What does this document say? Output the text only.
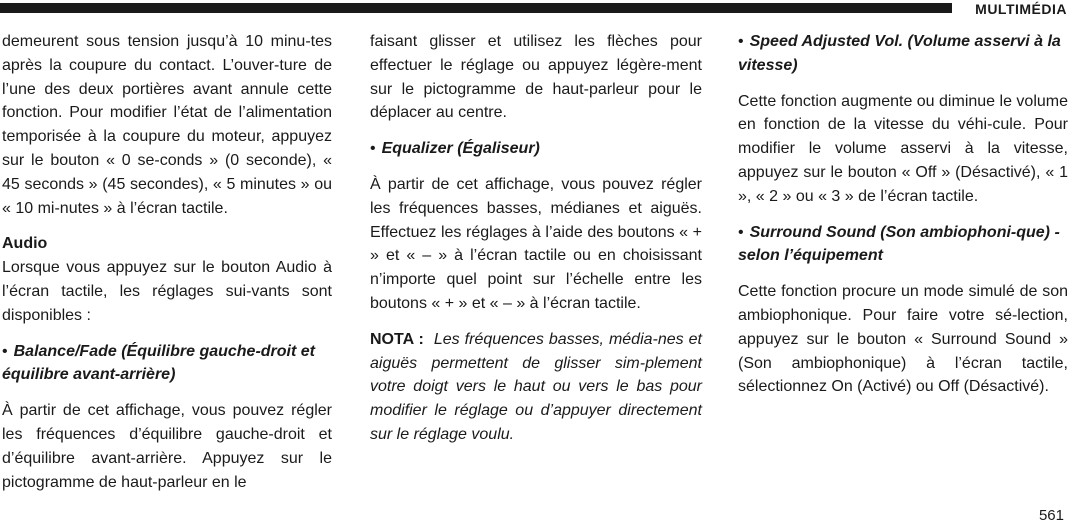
MULTIMÉDIA

demeurent sous tension jusqu’à 10 minu-tes après la coupure du contact. L’ouver-ture de l’une des deux portières avant annule cette fonction. Pour modifier l’état de l’alimentation temporisée à la coupure du moteur, appuyez sur le bouton « 0 se-conds » (0 seconde), « 45 seconds » (45 secondes), « 5 minutes » ou « 10 mi-nutes » à l’écran tactile.

Audio

Lorsque vous appuyez sur le bouton Audio à l’écran tactile, les réglages sui-vants sont disponibles :

• Balance/Fade (Équilibre gauche-droit et équilibre avant-arrière)

À partir de cet affichage, vous pouvez régler les fréquences d’équilibre gauche-droit et d’équilibre avant-arrière. Appuyez sur le pictogramme de haut-parleur en le

faisant glisser et utilisez les flèches pour effectuer le réglage ou appuyez légère-ment sur le pictogramme de haut-parleur pour le déplacer au centre.

• Equalizer (Égaliseur)

À partir de cet affichage, vous pouvez régler les fréquences basses, médianes et aiguës. Effectuez les réglages à l’aide des boutons « + » et « – » à l’écran tactile ou en choisissant n’importe quel point sur l’échelle entre les boutons « + » et « – » à l’écran tactile.

NOTA : Les fréquences basses, média-nes et aiguës permettent de glisser sim-plement votre doigt vers le haut ou vers le bas pour modifier le réglage ou d’appuyer directement sur le réglage voulu.

• Speed Adjusted Vol. (Volume asservi à la vitesse)

Cette fonction augmente ou diminue le volume en fonction de la vitesse du véhi-cule. Pour modifier le volume asservi à la vitesse, appuyez sur le bouton « Off » (Désactivé), « 1 », « 2 » ou « 3 » de l’écran tactile.

• Surround Sound (Son ambiophoni-que) - selon l’équipement

Cette fonction procure un mode simulé de son ambiophonique. Pour faire votre sé-lection, appuyez sur le bouton « Surround Sound » (Son ambiophonique) à l’écran tactile, sélectionnez On (Activé) ou Off (Désactivé).

561
